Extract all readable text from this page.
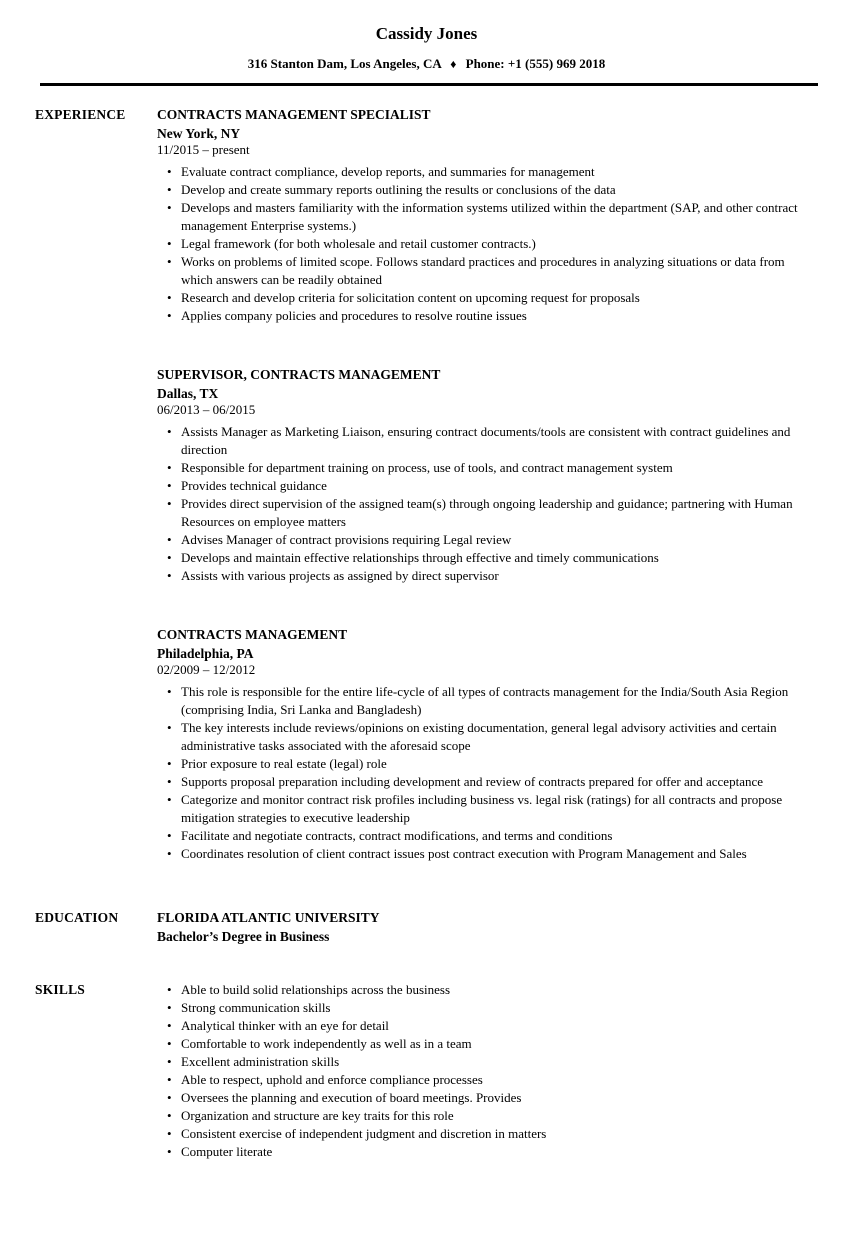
Cassidy Jones
316 Stanton Dam, Los Angeles, CA ♦ Phone: +1 (555) 969 2018
EXPERIENCE	CONTRACTS MANAGEMENT SPECIALIST
New York, NY
11/2015 – present
• Evaluate contract compliance, develop reports, and summaries for management
• Develop and create summary reports outlining the results or conclusions of the data
• Develops and masters familiarity with the information systems utilized within the department (SAP, and other contract management Enterprise systems.)
• Legal framework (for both wholesale and retail customer contracts.)
• Works on problems of limited scope. Follows standard practices and procedures in analyzing situations or data from which answers can be readily obtained
• Research and develop criteria for solicitation content on upcoming request for proposals
• Applies company policies and procedures to resolve routine issues
SUPERVISOR, CONTRACTS MANAGEMENT
Dallas, TX
06/2013 – 06/2015
• Assists Manager as Marketing Liaison, ensuring contract documents/tools are consistent with contract guidelines and direction
• Responsible for department training on process, use of tools, and contract management system
• Provides technical guidance
• Provides direct supervision of the assigned team(s) through ongoing leadership and guidance; partnering with Human Resources on employee matters
• Advises Manager of contract provisions requiring Legal review
• Develops and maintain effective relationships through effective and timely communications
• Assists with various projects as assigned by direct supervisor
CONTRACTS MANAGEMENT
Philadelphia, PA
02/2009 – 12/2012
• This role is responsible for the entire life-cycle of all types of contracts management for the India/South Asia Region (comprising India, Sri Lanka and Bangladesh)
• The key interests include reviews/opinions on existing documentation, general legal advisory activities and certain administrative tasks associated with the aforesaid scope
• Prior exposure to real estate (legal) role
• Supports proposal preparation including development and review of contracts prepared for offer and acceptance
• Categorize and monitor contract risk profiles including business vs. legal risk (ratings) for all contracts and propose mitigation strategies to executive leadership
• Facilitate and negotiate contracts, contract modifications, and terms and conditions
• Coordinates resolution of client contract issues post contract execution with Program Management and Sales
EDUCATION	FLORIDA ATLANTIC UNIVERSITY
Bachelor’s Degree in Business
SKILLS	• Able to build solid relationships across the business
• Strong communication skills
• Analytical thinker with an eye for detail
• Comfortable to work independently as well as in a team
• Excellent administration skills
• Able to respect, uphold and enforce compliance processes
• Oversees the planning and execution of board meetings. Provides
• Organization and structure are key traits for this role
• Consistent exercise of independent judgment and discretion in matters
• Computer literate
